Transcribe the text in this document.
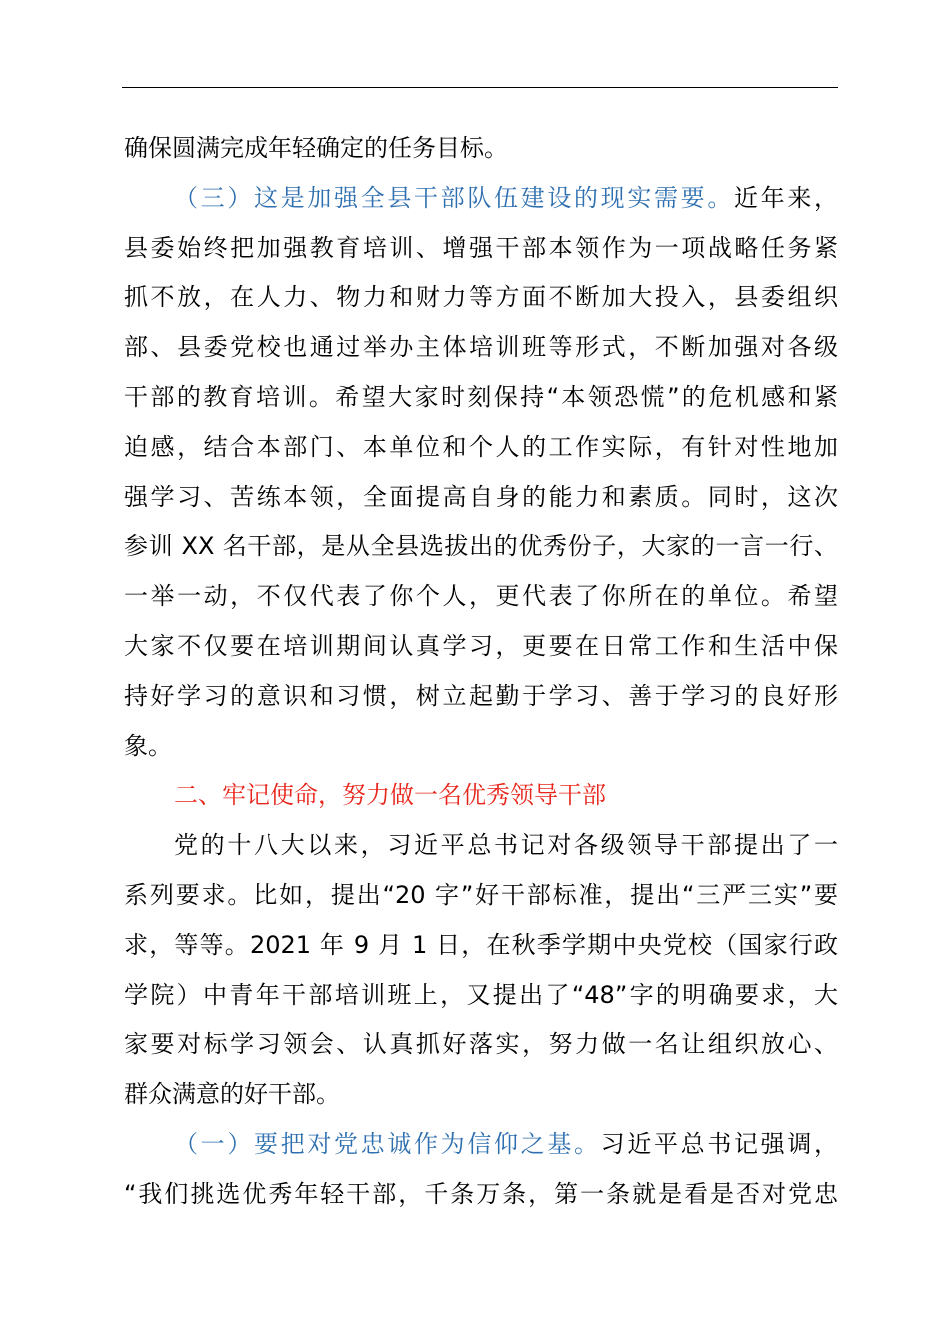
确保圆满完成年轻确定的任务目标。
（三）这是加强全县干部队伍建设的现实需要。近年来，
县委始终把加强教育培训、增强干部本领作为一项战略任务紧
抓不放，在人力、物力和财力等方面不断加大投入，县委组织
部、县委党校也通过举办主体培训班等形式，不断加强对各级
干部的教育培训。希望大家时刻保持“本领恐慌”的危机感和紧
迫感，结合本部门、本单位和个人的工作实际，有针对性地加
强学习、苦练本领，全面提高自身的能力和素质。同时，这次
参训 XX 名干部，是从全县选拔出的优秀份子，大家的一言一行、
一举一动，不仅代表了你个人，更代表了你所在的单位。希望
大家不仅要在培训期间认真学习，更要在日常工作和生活中保
持好学习的意识和习惯，树立起勤于学习、善于学习的良好形
象。
二、牢记使命，努力做一名优秀领导干部
党的十八大以来，习近平总书记对各级领导干部提出了一
系列要求。比如，提出“20 字”好干部标准，提出“三严三实”要
求，等等。2021 年 9 月 1 日，在秋季学期中央党校（国家行政
学院）中青年干部培训班上，又提出了“48”字的明确要求，大
家要对标学习领会、认真抓好落实，努力做一名让组织放心、
群众满意的好干部。
（一）要把对党忠诚作为信仰之基。习近平总书记强调，
“我们挑选优秀年轻干部，千条万条，第一条就是看是否对党忠
